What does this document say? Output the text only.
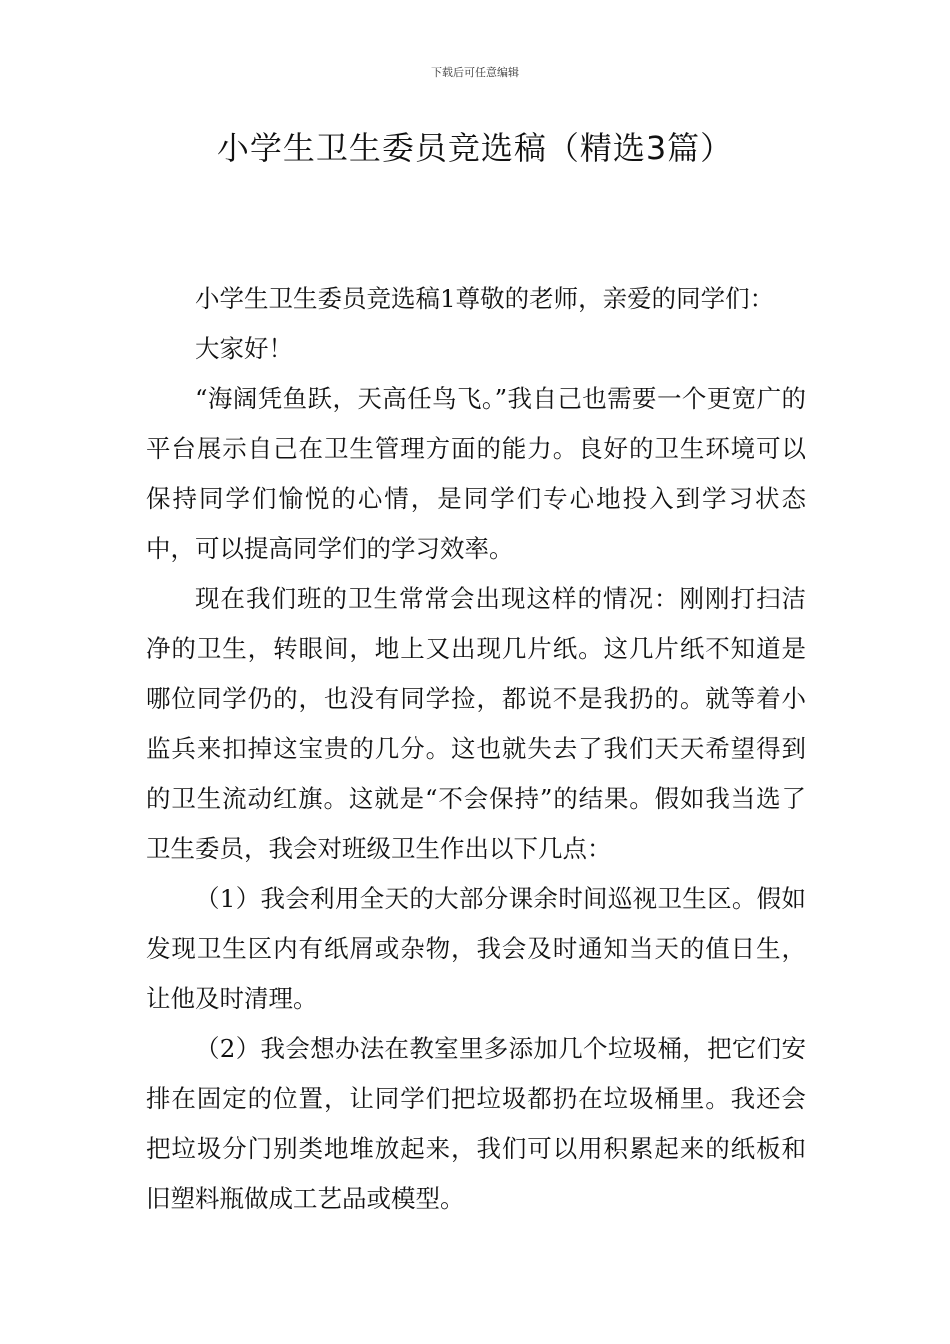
下载后可任意编辑
小学生卫生委员竞选稿（精选3篇）

小学生卫生委员竞选稿1尊敬的老师，亲爱的同学们：

大家好！

“海阔凭鱼跃，天高任鸟飞。”我自己也需要一个更宽广的平台展示自己在卫生管理方面的能力。良好的卫生环境可以保持同学们愉悦的心情，是同学们专心地投入到学习状态中，可以提高同学们的学习效率。

现在我们班的卫生常常会出现这样的情况：刚刚打扫洁净的卫生，转眼间，地上又出现几片纸。这几片纸不知道是哪位同学仍的，也没有同学捡，都说不是我扔的。就等着小监兵来扣掉这宝贵的几分。这也就失去了我们天天希望得到的卫生流动红旗。这就是“不会保持”的结果。假如我当选了卫生委员，我会对班级卫生作出以下几点：

（1）我会利用全天的大部分课余时间巡视卫生区。假如发现卫生区内有纸屑或杂物，我会及时通知当天的值日生，让他及时清理。

（2）我会想办法在教室里多添加几个垃圾桶，把它们安排在固定的位置，让同学们把垃圾都扔在垃圾桶里。我还会把垃圾分门别类地堆放起来，我们可以用积累起来的纸板和旧塑料瓶做成工艺品或模型。
